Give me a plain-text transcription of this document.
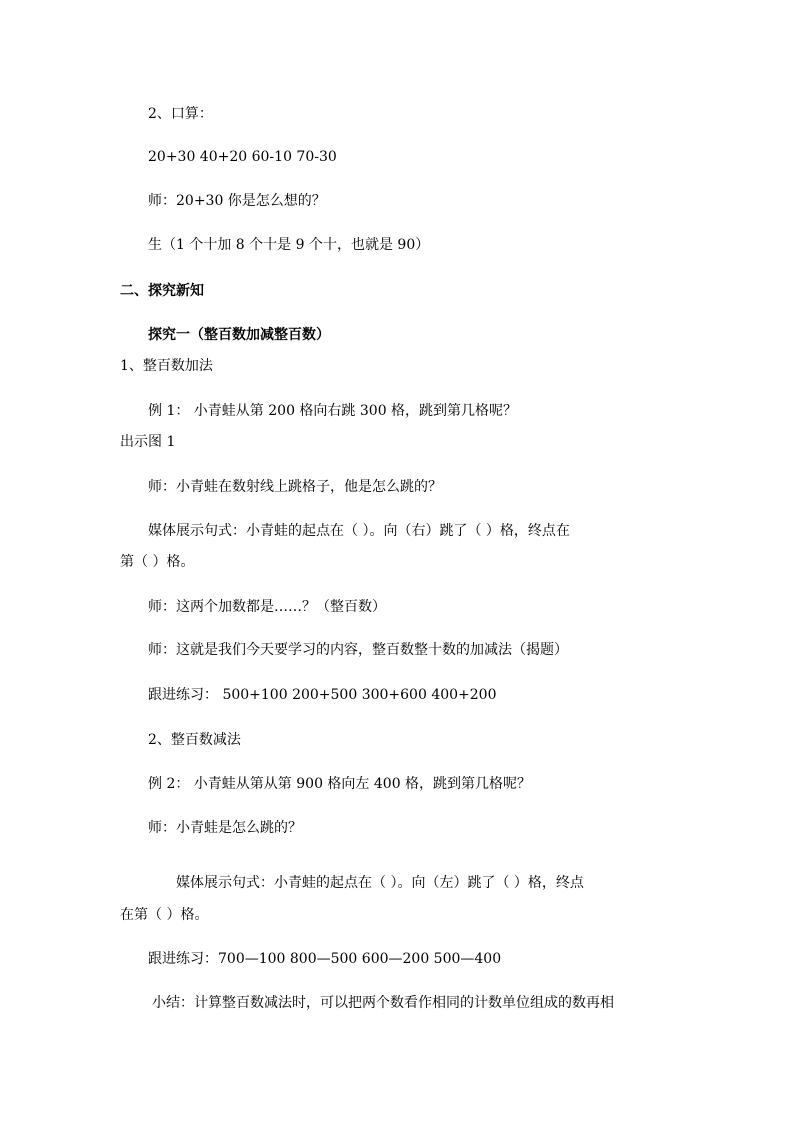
2、口算：
20+30 40+20 60-10 70-30
师：20+30 你是怎么想的？
生（1 个十加 8 个十是 9 个十，也就是 90）
二、探究新知
探究一（整百数加减整百数）
1、整百数加法
例 1： 小青蛙从第 200 格向右跳 300 格，跳到第几格呢？
出示图 1
师：小青蛙在数射线上跳格子，他是怎么跳的？
媒体展示句式：小青蛙的起点在（ ）。向（右）跳了（ ）格，终点在
第（ ）格。
师：这两个加数都是……？（整百数）
师：这就是我们今天要学习的内容，整百数整十数的加减法（揭题）
跟进练习： 500+100 200+500 300+600 400+200
2、整百数减法
例 2： 小青蛙从第从第 900 格向左 400 格，跳到第几格呢？
师：小青蛙是怎么跳的？
媒体展示句式：小青蛙的起点在（ ）。向（左）跳了（ ）格，终点
在第（ ）格。
跟进练习：700—100 800—500 600—200 500—400
小结：计算整百数减法时，可以把两个数看作相同的计数单位组成的数再相
